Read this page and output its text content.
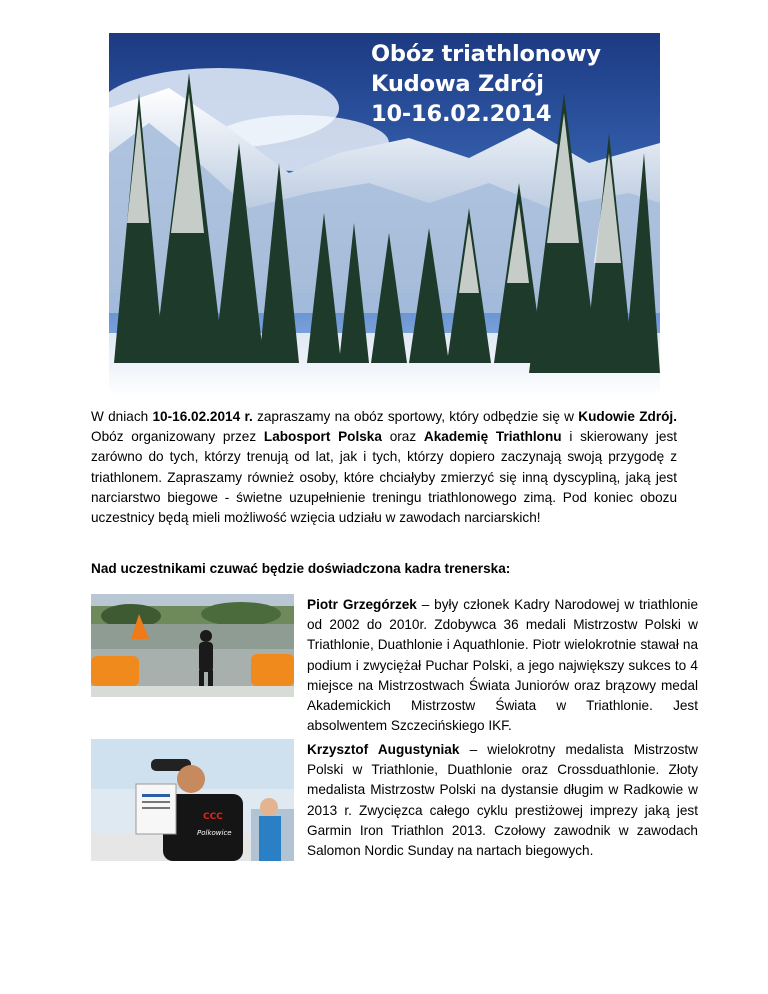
Obóz triathlonowy
Kudowa Zdrój
10-16.02.2014

W dniach 10-16.02.2014 r. zapraszamy na obóz sportowy, który odbędzie się w Kudowie Zdrój. Obóz organizowany przez Labosport Polska oraz Akademię Triathlonu i skierowany jest zarówno do tych, którzy trenują od lat, jak i tych, którzy dopiero zaczynają swoją przygodę z triathlonem. Zapraszamy również osoby, które chciałyby zmierzyć się inną dyscypliną, jaką jest narciarstwo biegowe - świetne uzupełnienie treningu triathlonowego zimą. Pod koniec obozu uczestnicy będą mieli możliwość wzięcia udziału w zawodach narciarskich!

Nad uczestnikami czuwać będzie doświadczona kadra trenerska:

Piotr Grzegórzek – były członek Kadry Narodowej w triathlonie od 2002 do 2010r. Zdobywca 36 medali Mistrzostw Polski w Triathlonie, Duathlonie i Aquathlonie. Piotr wielokrotnie stawał na podium i zwyciężał Puchar Polski, a jego największy sukces to 4 miejsce na Mistrzostwach Świata Juniorów oraz brązowy medal Akademickich Mistrzostw Świata w Triathlonie. Jest absolwentem Szczecińskiego IKF.

CCC
Polkowice

Krzysztof Augustyniak – wielokrotny medalista Mistrzostw Polski w Triathlonie, Duathlonie oraz Crossduathlonie. Złoty medalista Mistrzostw Polski na dystansie długim w Radkowie w 2013 r. Zwycięzca całego cyklu prestiżowej imprezy jaką jest Garmin Iron Triathlon 2013. Czołowy zawodnik w zawodach Salomon Nordic Sunday na nartach biegowych.
